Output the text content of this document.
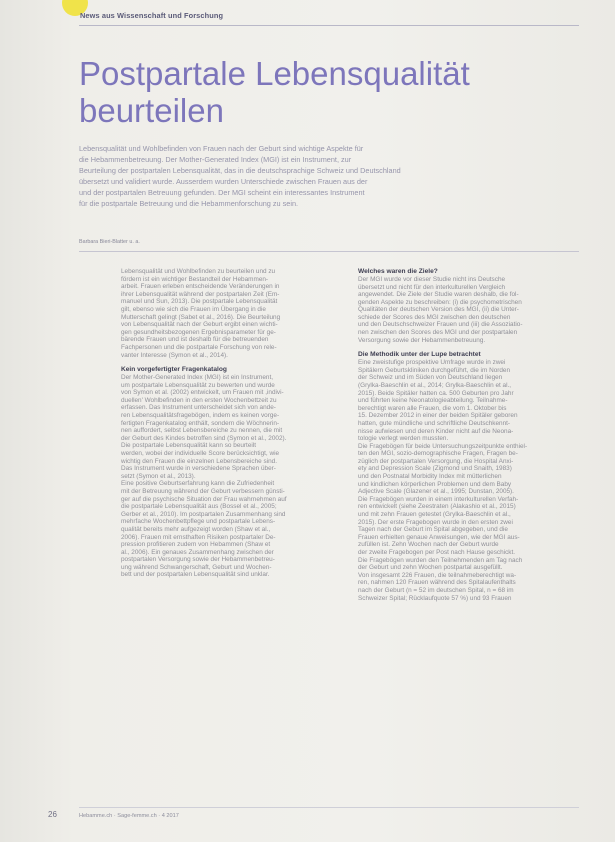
News aus Wissenschaft und Forschung
Postpartale Lebensqualität
beurteilen

Lebensqualität und Wohlbefinden von Frauen nach der Geburt sind wichtige Aspekte für

die Hebammenbetreuung. Der Mother-Generated Index (MGI) ist ein Instrument, zur

Beurteilung der postpartalen Lebensqualität, das in die deutschsprachige Schweiz und Deutschland

übersetzt und validiert wurde. Ausserdem wurden Unterschiede zwischen Frauen aus der

und der postpartalen Betreuung gefunden. Der MGI scheint ein interessantes Instrument

für die postpartale Betreuung und die Hebammenforschung zu sein.

Barbara Bieri-Blatter u. a.

Lebensqualität und Wohlbefinden zu beurteilen und zu

fördern ist ein wichtiger Bestandteil der Hebammen-

arbeit. Frauen erleben entscheidende Veränderungen in

ihrer Lebensqualität während der postpartalen Zeit (Em-

manuel und Sun, 2013). Die postpartale Lebensqualität

gilt, ebenso wie sich die Frauen im Übergang in die

Mutterschaft gelingt (Sabet et al., 2016). Die Beurteilung

von Lebensqualität nach der Geburt ergibt einen wichti-

gen gesundheitsbezogenen Ergebnisparameter für ge-

bärende Frauen und ist deshalb für die betreuenden

Fachpersonen und die postpartale Forschung von rele-

vanter Interesse (Symon et al., 2014).

Kein vorgefertigter Fragenkatalog

Der Mother-Generated Index (MGI) ist ein Instrument,

um postpartale Lebensqualität zu bewerten und wurde

von Symon et al. (2002) entwickelt, um Frauen mit ,indivi-

duellen' Wohlbefinden in den ersten Wochenbettzeit zu

erfassen. Das Instrument unterscheidet sich von ande-

ren Lebensqualitätsfragebögen, indem es keinen vorge-

fertigten Fragenkatalog enthält, sondern die Wöchnerin-

nen auffordert, selbst Lebensbereiche zu nennen, die mit

der Geburt des Kindes betroffen sind (Symon et al., 2002).

Die postpartale Lebensqualität kann so beurteilt

werden, wobei der individuelle Score berücksichtigt, wie

wichtig den Frauen die einzelnen Lebensbereiche sind.

Das Instrument wurde in verschiedene Sprachen über-

setzt (Symon et al., 2013).

Eine positive Geburtserfahrung kann die Zufriedenheit

mit der Betreuung während der Geburt verbessern günsti-

ger auf die psychische Situation der Frau wahrnehmen auf

die postpartale Lebensqualität aus (Bossel et al., 2005;

Gerber et al., 2010). Im postpartalen Zusammenhang sind

mehrfache Wochenbettpflege und postpartale Lebens-

qualität bereits mehr aufgezeigt worden (Shaw et al.,

2006). Frauen mit ernsthaften Risiken postpartaler De-

pression profitieren zudem von Hebammen (Shaw et

al., 2006). Ein genaues Zusammenhang zwischen der

postpartalen Versorgung sowie der Hebammenbetreu-

ung während Schwangerschaft, Geburt und Wochen-

bett und der postpartalen Lebensqualität sind unklar.

Welches waren die Ziele?

Der MGI wurde vor dieser Studie nicht ins Deutsche

übersetzt und nicht für den interkulturellen Vergleich

angewendet. Die Ziele der Studie waren deshalb, die fol-

genden Aspekte zu beschreiben: (i) die psychometrischen

Qualitäten der deutschen Version des MGI, (ii) die Unter-

schiede der Scores des MGI zwischen den deutschen

und den Deutschschweizer Frauen und (iii) die Assoziatio-

nen zwischen den Scores des MGI und der postpartalen

Versorgung sowie der Hebammenbetreuung.

Die Methodik unter der Lupe betrachtet

Eine zweistufige prospektive Umfrage wurde in zwei

Spitälern Geburtskliniken durchgeführt, die im Norden

der Schweiz und im Süden von Deutschland liegen

(Grylka-Baeschlin et al., 2014; Grylka-Baeschlin et al.,

2015). Beide Spitäler hatten ca. 500 Geburten pro Jahr

und führten keine Neonatologieabteilung. Teilnahme-

berechtigt waren alle Frauen, die vom 1. Oktober bis

15. Dezember 2012 in einer der beiden Spitäler geboren

hatten, gute mündliche und schriftliche Deutschkennt-

nisse aufwiesen und deren Kinder nicht auf die Neona-

tologie verlegt werden mussten.

Die Fragebögen für beide Untersuchungszeitpunkte enthiel-

ten den MGI, sozio-demographische Fragen, Fragen be-

züglich der postpartalen Versorgung, die Hospital Anxi-

ety and Depression Scale (Zigmond und Snaith, 1983)

und den Postnatal Morbidity Index mit mütterlichen

und kindlichen körperlichen Problemen und dem Baby

Adjective Scale (Glazener et al., 1995; Dunstan, 2005).

Die Fragebögen wurden in einem interkulturellen Verfah-

ren entwickelt (siehe Zeestraten (Alakashio et al., 2015)

und mit zehn Frauen getestet (Grylka-Baeschlin et al.,

2015). Der erste Fragebogen wurde in den ersten zwei

Tagen nach der Geburt im Spital abgegeben, und die

Frauen erhielten genaue Anweisungen, wie der MGI aus-

zufüllen ist. Zehn Wochen nach der Geburt wurde

der zweite Fragebogen per Post nach Hause geschickt.

Die Fragebögen wurden den Teilnehmenden am Tag nach

der Geburt und zehn Wochen postpartal ausgefüllt.

Von insgesamt 226 Frauen, die teilnahmeberechtigt wa-

ren, nahmen 120 Frauen während des Spitalaufenthalts

nach der Geburt (n = 52 im deutschen Spital, n = 68 im

Schweizer Spital; Rücklaufquote 57 %) und 93 Frauen

26	Hebamme.ch · Sage-femme.ch · 4 2017
